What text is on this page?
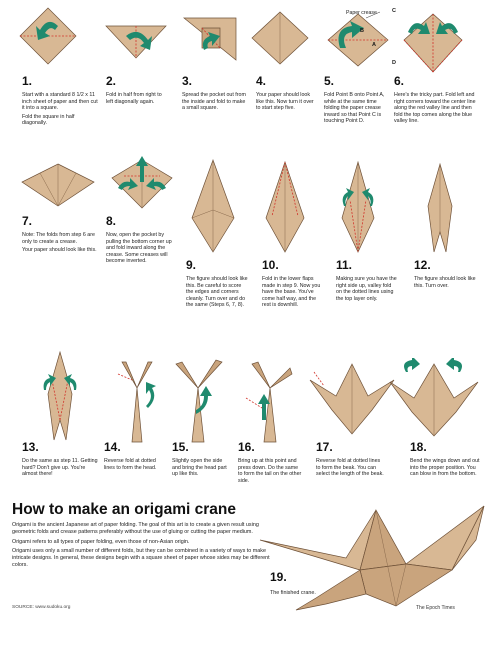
1.

Start with a standard 8 1/2 x 11 inch sheet of paper and then cut it into a square.

Fold the square in half diagonally.

2.

Fold in half from right to left diagonally again.

3.

Spread the pocket out from the inside and fold to make a small square.

4.

Your paper should look like this. Now turn it over to start step five.

Paper crease	C
A
B
D
5.

Fold Point B onto Point A, while at the same time folding the paper crease inward so that Point C is touching Point D.

6.

Here's the tricky part. Fold left and right corners toward the center line along the red valley line and then fold the top comes along the blue valley line.

7.

Note: The folds from step 6 are only to create a crease.

Your paper should look like this.

8.

Now, open the pocket by pulling the bottom corner up and fold inward along the crease. Some creases will become inverted.	9.

The figure should look like this. Be careful to score the edges and corners cleanly. Turn over and do the same (Steps 6, 7, 8).

10.

Fold in the lower flaps made in step 9. Now you have the base. You've come half way, and the rest is downhill.

11.

Making sure you have the right side up, valley fold on the dotted lines using the top layer only.

12.

The figure should look like this. Turn over.

13.

Do the same as step 11. Getting hard? Don't give up. You're almost there!

14.

Reverse fold at dotted lines to form the head.

15.

Slightly open the side and bring the head part up like this.

16.

Bring up at this point and press down. Do the same to form the tail on the other side.

17.

Reverse fold at dotted lines to form the beak. You can select the length of the beak.

18.

Bend the wings down and out into the proper position. You can blow in from the bottom.

How to make an origami crane

Origami is the ancient Japanese art of paper folding. The goal of this art is to create a given result using geometric folds and crease patterns preferably without the use of gluing or cutting the paper medium.

Origami refers to all types of paper folding, even those of non-Asian origin.

Origami uses only a small number of different folds, but they can be combined in a variety of ways to make intricate designs. In general, these designs begin with a square sheet of paper whose sides may be different colors.

19.
The finished crane.
SOURCE: www.sudoku.org	The Epoch Times
